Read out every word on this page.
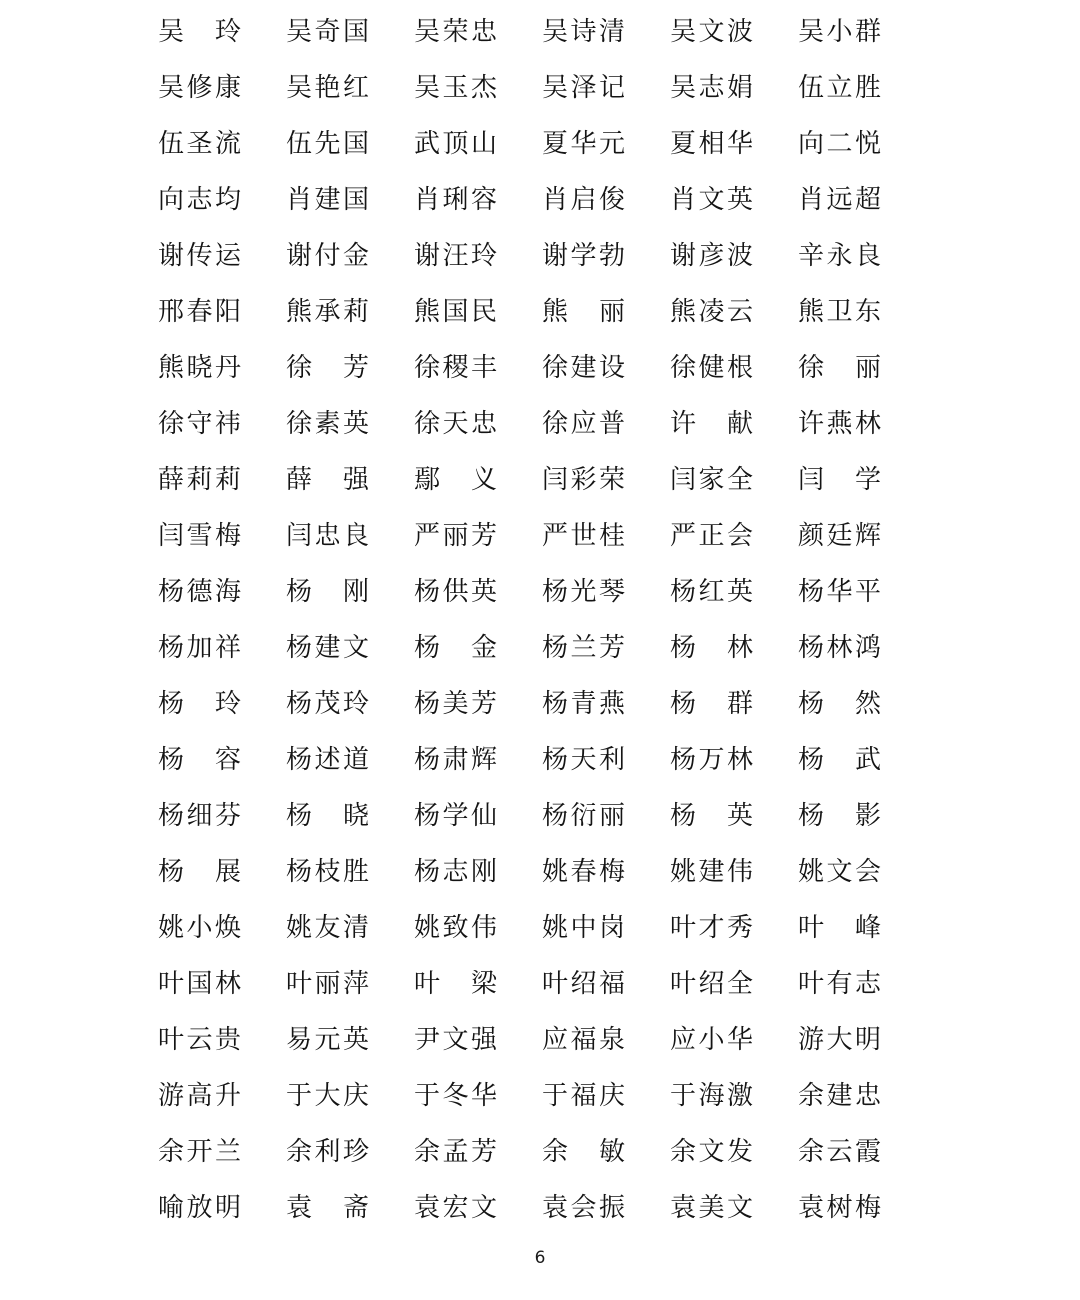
吴　玲	吴奇国	吴荣忠	吴诗清	吴文波	吴小群
吴修康	吴艳红	吴玉杰	吴泽记	吴志娟	伍立胜
伍圣流	伍先国	武顶山	夏华元	夏相华	向二悦
向志均	肖建国	肖琍容	肖启俊	肖文英	肖远超
谢传运	谢付金	谢汪玲	谢学勃	谢彦波	辛永良
邢春阳	熊承莉	熊国民	熊　丽	熊凌云	熊卫东
熊晓丹	徐　芳	徐稷丰	徐建设	徐健根	徐　丽
徐守祎	徐素英	徐天忠	徐应普	许　献	许燕林
薛莉莉	薛　强	鄢　义	闫彩荣	闫家全	闫　学
闫雪梅	闫忠良	严丽芳	严世桂	严正会	颜廷辉
杨德海	杨　刚	杨供英	杨光琴	杨红英	杨华平
杨加祥	杨建文	杨　金	杨兰芳	杨　林	杨林鸿
杨　玲	杨茂玲	杨美芳	杨青燕	杨　群	杨　然
杨　容	杨述道	杨肃辉	杨天利	杨万林	杨　武
杨细芬	杨　晓	杨学仙	杨衍丽	杨　英	杨　影
杨　展	杨枝胜	杨志刚	姚春梅	姚建伟	姚文会
姚小焕	姚友清	姚致伟	姚中岗	叶才秀	叶　峰
叶国林	叶丽萍	叶　梁	叶绍福	叶绍全	叶有志
叶云贵	易元英	尹文强	应福泉	应小华	游大明
游高升	于大庆	于冬华	于福庆	于海激	余建忠
余开兰	余利珍	余孟芳	余　敏	余文发	余云霞
喻放明	袁　斋	袁宏文	袁会振	袁美文	袁树梅
6
